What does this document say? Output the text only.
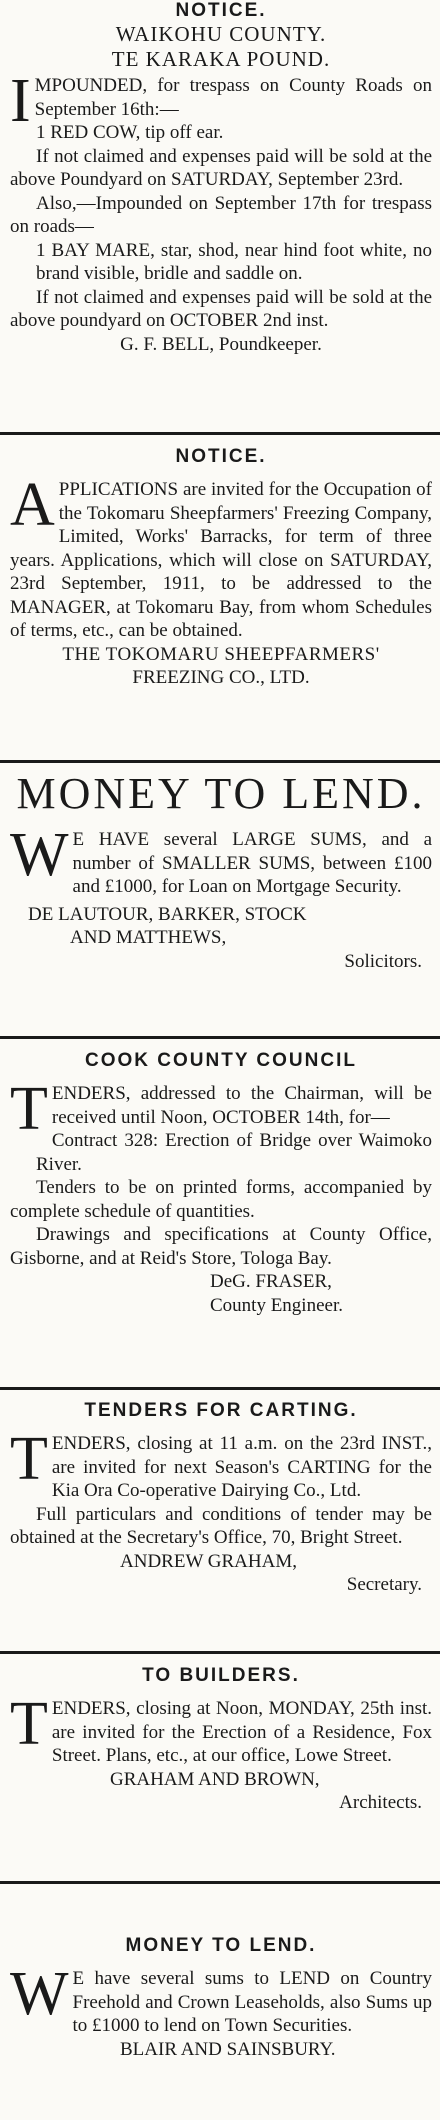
NOTICE.

WAIKOHU COUNTY.

TE KARAKA POUND.

IMPOUNDED, for trespass on County Roads on September 16th:—

1 RED COW, tip off ear.

If not claimed and expenses paid will be sold at the above Poundyard on SATURDAY, September 23rd.

Also,—Impounded on September 17th for trespass on roads—

1 BAY MARE, star, shod, near hind foot white, no brand visible, bridle and saddle on.

If not claimed and expenses paid will be sold at the above poundyard on OCTOBER 2nd inst.

G. F. BELL, Poundkeeper.

NOTICE.

APPLICATIONS are invited for the Occupation of the Tokomaru Sheepfarmers' Freezing Company, Limited, Works' Barracks, for term of three years. Applications, which will close on SATURDAY, 23rd September, 1911, to be addressed to the MANAGER, at Tokomaru Bay, from whom Schedules of terms, etc., can be obtained.

THE TOKOMARU SHEEPFARMERS'

FREEZING CO., LTD.

MONEY TO LEND.

W E HAVE several LARGE SUMS, and a number of SMALLER SUMS, between £100 and £1000, for Loan on Mortgage Security.

DE LAUTOUR, BARKER, STOCK

AND MATTHEWS,

Solicitors.

COOK COUNTY COUNCIL

TENDERS, addressed to the Chairman, will be received until Noon, OCTOBER 14th, for—

Contract 328: Erection of Bridge over Waimoko River.

Tenders to be on printed forms, accompanied by complete schedule of quantities.

Drawings and specifications at County Office, Gisborne, and at Reid's Store, Tologa Bay.

DeG. FRASER,

County Engineer.

TENDERS FOR CARTING.

TENDERS, closing at 11 a.m. on the 23rd INST., are invited for next Season's CARTING for the Kia Ora Co-operative Dairying Co., Ltd.

Full particulars and conditions of tender may be obtained at the Secretary's Office, 70, Bright Street.

ANDREW GRAHAM,

Secretary.

TO BUILDERS.

TENDERS, closing at Noon, MONDAY, 25th inst. are invited for the Erection of a Residence, Fox Street. Plans, etc., at our office, Lowe Street.

GRAHAM AND BROWN,

Architects.

MONEY TO LEND.

W E have several sums to LEND on Country Freehold and Crown Leaseholds, also Sums up to £1000 to lend on Town Securities.

BLAIR AND SAINSBURY.
